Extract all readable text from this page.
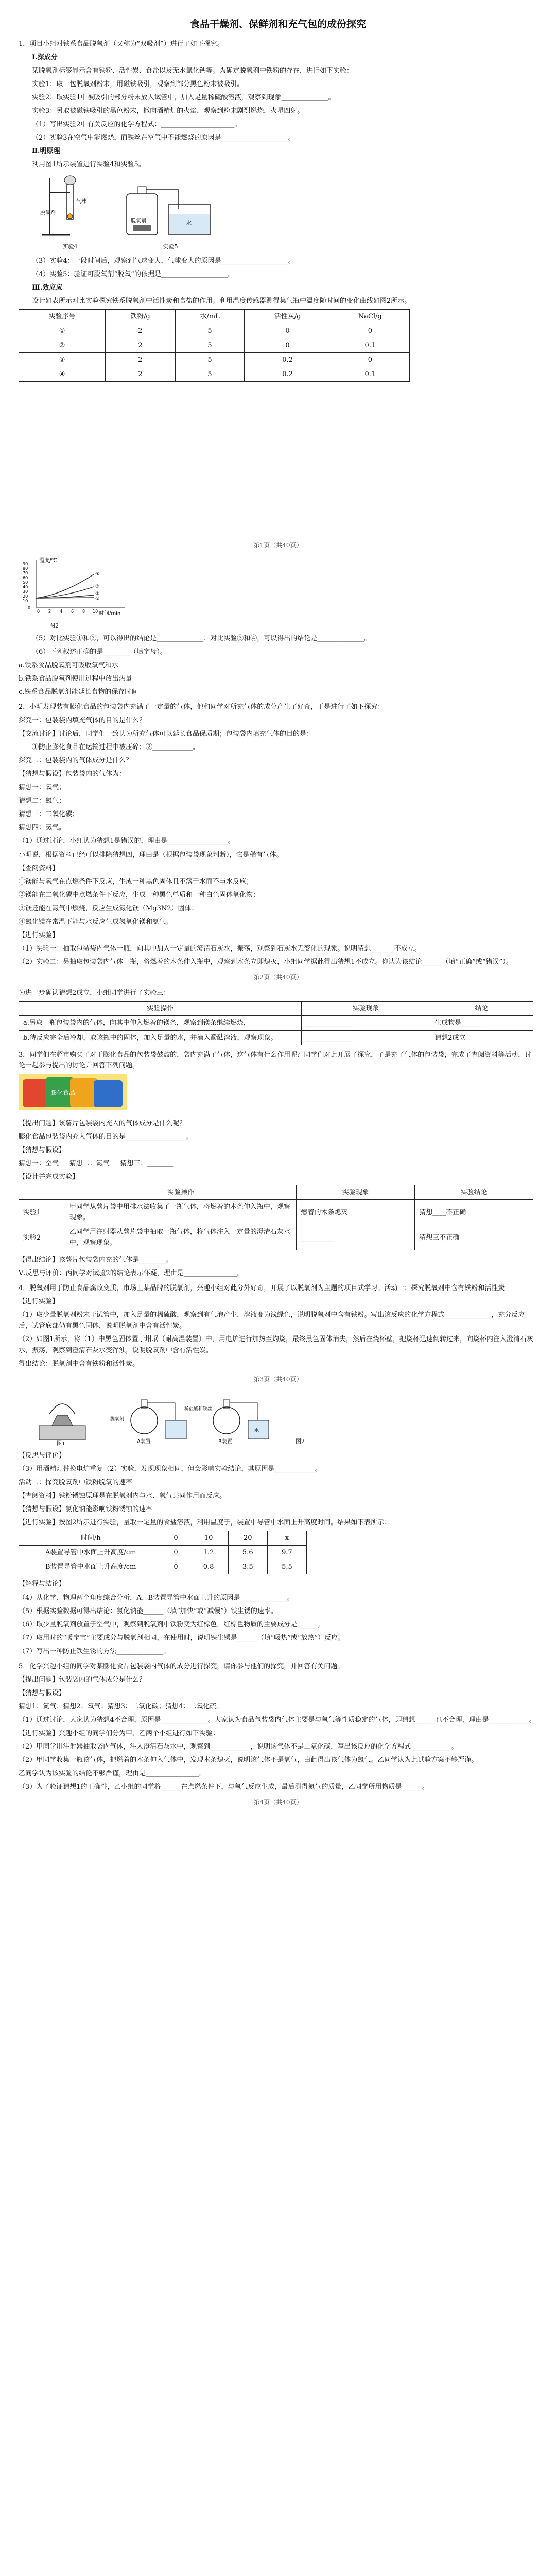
食品干燥剂、保鲜剂和充气包的成份探究

1．项目小组对铁系食品脱氧剂（又称为“双吸剂”）进行了如下探究。

Ⅰ.探成分

某脱氧剂标签显示含有铁粉、活性炭、食盐以及无水氯化钙等。为确定脱氧剂中铁粉的存在，进行如下实验：

实验1：取一包脱氧剂粉末，用磁铁吸引，观察到部分黑色粉末被吸引。

实验2：取实验1中被吸引的部分粉末放入试管中，加入足量稀硫酸溶液，观察到现象______________。

实验3：另取被磁铁吸引的黑色粉末，撒向酒精灯的火焰，观察到粉末剧烈燃烧，火星四射。

（1）写出实验2中有关反应的化学方程式：______________________。

（2）实验3在空气中能燃烧，而铁丝在空气中不能燃烧的原因是____________________。

Ⅱ.明原理

利用图1所示装置进行实验4和实验5。

气球
脱氧剂
水
脱氧剂
实验4	实验5

（3）实验4：一段时间后，观察到气球变大，气球变大的原因是____________________。

（4）实验5：验证可脱氧剂“脱氧”的依据是____________________。

Ⅲ.效应应

设计如表所示对比实验探究铁系脱氧剂中活性炭和食盐的作用。利用温度传感器测得集气瓶中温度随时间的变化曲线如图2所示。

实验序号	铁粉/g	水/mL	活性炭/g	NaCl/g
①	2	5	0	0
②	2	5	0	0.1
③	2	5	0.2	0
④	2	5	0.2	0.1
第1页（共40页）
温度/℃
时间/min
90
80
70
60
50
40
30
20
10
0
0 2 4 6 8 10
④
③
②
①

图2

（5）对比实验①和③，可以得出的结论是______________；对比实验③和④，可以得出的结论是______________。

（6）下列叙述正确的是________（填字母）。

a.铁系食品脱氧剂可吸收氧气和水

b.铁系食品脱氧剂使用过程中放出热量

c.铁系食品脱氧剂能延长食物的保存时间

2．小明发现装有膨化食品的包装袋内充满了一定量的气体，他和同学对所充气体的成分产生了好奇，于是进行了如下探究：

探究一：包装袋内填充气体的目的是什么？

【交流讨论】讨论后，同学们一致认为所充气体可以延长食品保质期；包装袋内填充气体的目的是：

①防止膨化食品在运输过程中被压碎；②____________。

探究二：包装袋内的气体成分是什么？

【猜想与假设】包装袋内的气体为：

猜想一：氧气；

猜想二：氮气；

猜想三：二氧化碳；

猜想四：氦气。

（1）通过讨论，小红认为猜想1是错误的，理由是__________________。

小明说，根据资料已经可以排除猜想四，理由是（根据包装袋现象判断），它是稀有气体。

【查阅资料】

①镁能与氧气在点燃条件下反应，生成一种黑色固体且不溶于水而不与水反应；

②镁能在二氧化碳中点燃条件下反应，生成一种黑色单质和一种白色固体氧化物；

③镁还能在氮气中燃烧，反应生成氮化镁（Mg3N2）固体；

④氮化镁在常温下能与水反应生成氢氧化镁和氨气。

【进行实验】

（1）实验一：抽取包装袋内气体一瓶，向其中加入一定量的澄清石灰水，振荡，观察到石灰水无变化的现象。说明猜想_______不成立。

（2）实验二：另抽取包装袋内气体一瓶，将燃着的木条伸入瓶中，观察到木条立即熄灭，小组同学据此得出猜想1不成立。你认为该结论______（填“正确”或“错误”）。

第2页（共40页）

为进一步确认猜想2成立，小组同学进行了实验三：

实验操作	实验现象	结论
a.另取一瓶包装袋内的气体，向其中伸入燃着的镁条，观察到镁条继续燃烧，	______________	生成物是______
b.待反应完全后冷却，取该瓶中的固体，加入足量的水，并滴入酚酞溶液，观察现象。	______________	猜想2成立

3．同学们在超市购买了对于膨化食品的包装袋鼓鼓的，袋内充满了气体，这气体有什么作用呢？同学们对此开展了探究，子是充了气体的包装袋，完成了查阅资料等活动，讨论一起参与提出的讨论并回答下列问题。

膨化食品

【提出问题】该薯片包装袋内充入的气体成分是什么呢？

膨化食品包装袋内充入气体的目的是__________________。

【猜想与假设】

猜想一：空气 猜想二：氮气 猜想三：________

【设计并完成实验】

	实验操作	实验现象	实验结论
实验1	甲同学从薯片袋中用排水法收集了一瓶气体，将燃着的木条伸入瓶中，观察现象。	燃着的木条熄灭	猜想____不正确
实验2	乙同学用注射器从薯片袋中抽取一瓶气体，将气体注入一定量的澄清石灰水中，观察现象。	__________	猜想三不正确

【得出结论】该薯片包装袋内充的气体是________。

Ⅴ.反思与评价：丙同学对试验2的结论表示怀疑，理由是________________。

4．脱氧剂用于防止食品腐败变质，市场上某品牌的脱氧剂，兴趣小组对此分外好奇，开展了以脱氧剂为主题的项目式学习。活动一：探究脱氧剂中含有铁粉和活性炭

【进行实验】

（1）取少量脱氧剂粉末于试管中，加入足量的稀硫酸，观察到有气泡产生，溶液变为浅绿色，说明脱氧剂中含有铁粉。写出该反应的化学方程式______________，充分反应后，试管底部仍有黑色固体，说明脱氧剂中含有活性炭。

（2）如图1所示，将（1）中黑色固体置于坩埚（耐高温装置）中，用电炉进行加热至灼烧，最终黑色固体消失，然后在烧杯壁，把烧杯迅速倒转过来，向烧杯内注入澄清石灰水，振荡，观察到澄清石灰水变浑浊，说明脱氧剂中含有活性炭。

得出结论：脱氧剂中含有铁粉和活性炭。

第3页（共40页）
图1	A装置
脱氧剂
B装置
稀盐酸和铁丝
水
图2

【反思与评价】

（3）用酒精灯替换电炉重复（2）实验，发现现象相同，但会影响实验结论，其原因是____________。

活动二：探究脱氧剂中铁粉脱氧的速率

【查阅资料】铁粉锈蚀原理是在脱氧剂内与水、氧气共同作用而反应。

【猜想与假设】氯化钠能影响铁粉锈蚀的速率

【进行实验】按图2所示进行实验，量取一定量的食盐溶液，利用温度于，装置中导管中水面上升高度时间。结果如下表所示：

时间/h	0	10	20	x
A装置导管中水面上升高度/cm	0	1.2	5.6	9.7
B装置导管中水面上升高度/cm	0	0.8	3.5	5.5

【解释与结论】

（4）从化学、物理两个角度综合分析，A、B装置导管中水面上升的原因是______________。

（5）根据实验数据可得出结论：氯化钠能______（填“加快”或“减慢”）铁生锈的速率。

（6）取少量脱氧剂放置于空气中，观察到脱氧剂中铁粉变为红棕色，红棕色物质的主要成分是______。

（7）取用时的“暖宝宝”主要成分与脱氧剂相同，在使用时，说明铁生锈是______（填“吸热”或“放热”）反应。

（7）写出一种防止铁生锈的方法______________。

5．化学兴趣小组的同学对某膨化食品包装袋内气体的成分进行探究，请你参与他们的探究，并回答有关问题。

【提出问题】包装袋内的气体成分是什么？

【猜想与假设】

猜想1：氮气；猜想2：氧气；猜想3：二氧化碳；猜想4：二氧化硫。

（1）通过讨论，大家认为猜想4不合理，原因是______________。大家认为食品包装袋内气体主要是与氧气等性质稳定的气体，即猜想______也不合理，理由是____________。

【进行实验】兴趣小组的同学们分为甲、乙两个小组进行如下实验：

（2）甲同学用注射器抽取袋内气体，注入澄清石灰水中，观察到____________，说明该气体不是二氧化碳，写出该反应的化学方程式____________。

（2）甲同学收集一瓶该气体，把燃着的木条伸入气体中，发现木条熄灭，说明该气体不是氧气，由此得出该气体为氮气。乙同学认为此试验方案不够严谨。

乙同学认为该实验的结论不够严谨，理由是________________。

（3）为了验证猜想1的正确性，乙小组的同学将______在点燃条件下，与氧气反应生成，最后测得氮气的质量，乙同学所用物质是______。

第4页（共40页）
